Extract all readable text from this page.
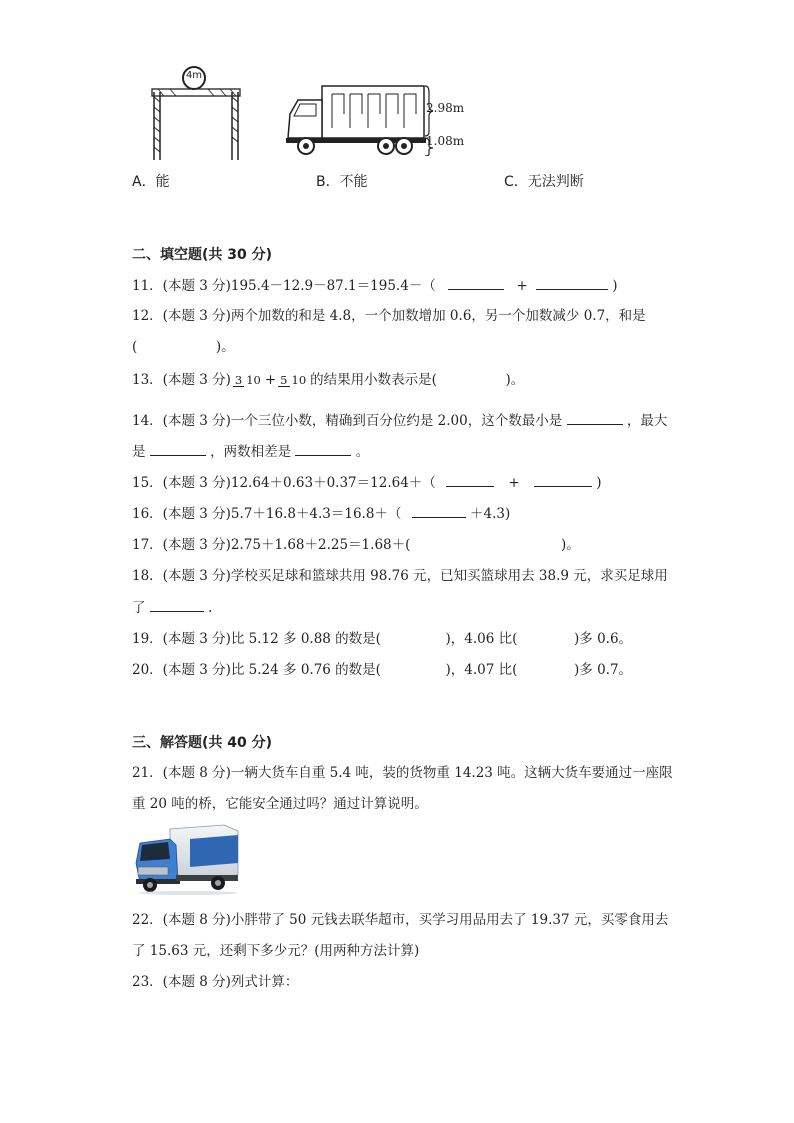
4m
2.98m
1.08m
A．能	B．不能	C．无法判断
二、填空题(共 30 分)
11．(本题 3 分)195.4－12.9－87.1＝195.4－（	+	)
12．(本题 3 分)两个加数的和是 4.8，一个加数增加 0.6，另一个加数减少 0.7，和是
(	)。
13．(本题 3 分) 3 10 + 5 10 的结果用小数表示是(	)。
14．(本题 3 分)一个三位小数，精确到百分位约是 2.00，这个数最小是	，最大
是	，两数相差是	。
15．(本题 3 分)12.64＋0.63＋0.37＝12.64＋（	+	)
16．(本题 3 分)5.7＋16.8＋4.3＝16.8＋（	＋4.3)
17．(本题 3 分)2.75＋1.68＋2.25＝1.68＋(	)。
18．(本题 3 分)学校买足球和篮球共用 98.76 元，已知买篮球用去 38.9 元，求买足球用
了	.
19．(本题 3 分)比 5.12 多 0.88 的数是(	)，4.06 比(	)多 0.6。
20．(本题 3 分)比 5.24 多 0.76 的数是(	)，4.07 比(	)多 0.7。
三、解答题(共 40 分)
21．(本题 8 分)一辆大货车自重 5.4 吨，装的货物重 14.23 吨。这辆大货车要通过一座限
重 20 吨的桥，它能安全通过吗？通过计算说明。
22．(本题 8 分)小胖带了 50 元钱去联华超市，买学习用品用去了 19.37 元，买零食用去
了 15.63 元，还剩下多少元？(用两种方法计算)
23．(本题 8 分)列式计算：
